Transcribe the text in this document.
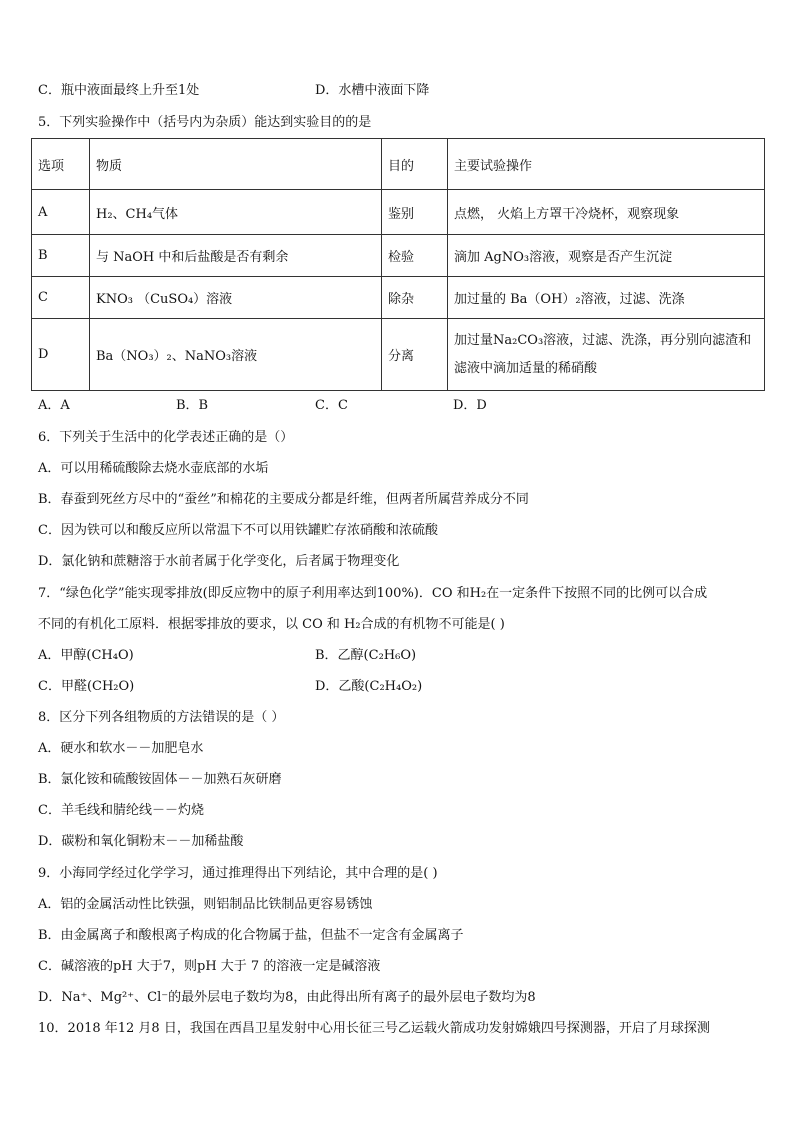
C．瓶中液面最终上升至1处	D．水槽中液面下降
5．下列实验操作中（括号内为杂质）能达到实验目的的是
选项	物质	目的	主要试验操作
A	H₂、CH₄气体	鉴别	点燃， 火焰上方罩干冷烧杯，观察现象
B	与 NaOH 中和后盐酸是否有剩余	检验	滴加 AgNO₃溶液，观察是否产生沉淀
C	KNO₃ （CuSO₄）溶液	除杂	加过量的 Ba（OH）₂溶液，过滤、洗涤
D	Ba（NO₃）₂、NaNO₃溶液	分离	加过量Na₂CO₃溶液，过滤、洗涤，再分别向滤渣和滤液中滴加适量的稀硝酸
A．A	B．B	C．C	D．D
6．下列关于生活中的化学表述正确的是（）
A．可以用稀硫酸除去烧水壶底部的水垢
B．春蚕到死丝方尽中的“蚕丝”和棉花的主要成分都是纤维，但两者所属营养成分不同
C．因为铁可以和酸反应所以常温下不可以用铁罐贮存浓硝酸和浓硫酸
D．氯化钠和蔗糖溶于水前者属于化学变化，后者属于物理变化
7．“绿色化学”能实现零排放(即反应物中的原子利用率达到100%)．CO 和H₂在一定条件下按照不同的比例可以合成
不同的有机化工原料．根据零排放的要求，以 CO 和 H₂合成的有机物不可能是( )
A．甲醇(CH₄O)	B．乙醇(C₂H₆O)
C．甲醛(CH₂O)	D．乙酸(C₂H₄O₂)
8．区分下列各组物质的方法错误的是（ ）
A．硬水和软水－－加肥皂水
B．氯化铵和硫酸铵固体－－加熟石灰研磨
C．羊毛线和腈纶线－－灼烧
D．碳粉和氧化铜粉末－－加稀盐酸
9．小海同学经过化学学习，通过推理得出下列结论，其中合理的是( )
A．铝的金属活动性比铁强，则铝制品比铁制品更容易锈蚀
B．由金属离子和酸根离子构成的化合物属于盐，但盐不一定含有金属离子
C．碱溶液的pH 大于7，则pH 大于 7 的溶液一定是碱溶液
D．Na⁺、Mg²⁺、Cl⁻的最外层电子数均为8，由此得出所有离子的最外层电子数均为8
10．2018 年12 月8 日，我国在西昌卫星发射中心用长征三号乙运载火箭成功发射嫦娥四号探测器，开启了月球探测
